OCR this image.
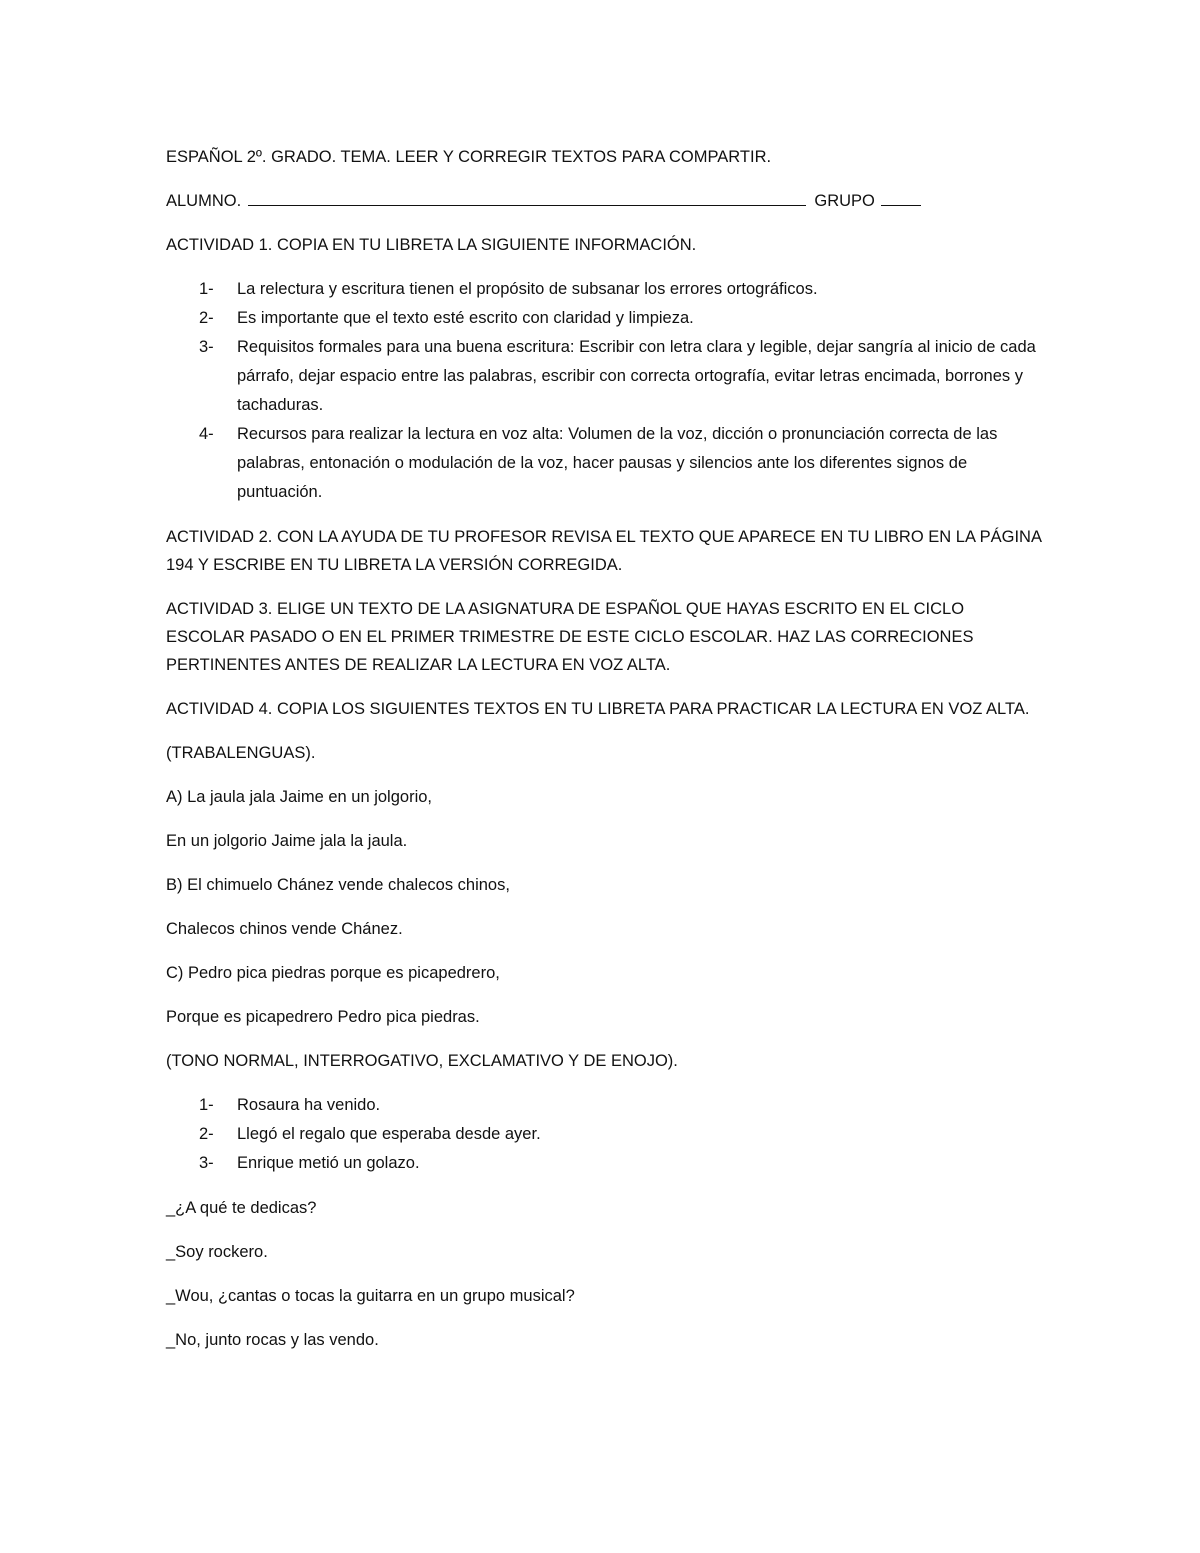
ESPAÑOL 2º. GRADO. TEMA. LEER Y CORREGIR TEXTOS PARA COMPARTIR.

ALUMNO.	GRUPO

ACTIVIDAD 1. COPIA EN TU LIBRETA LA SIGUIENTE INFORMACIÓN.

1- La relectura y escritura tienen el propósito de subsanar los errores ortográficos.
2- Es importante que el texto esté escrito con claridad y limpieza.
3- Requisitos formales para una buena escritura: Escribir con letra clara y legible, dejar sangría al inicio de cada párrafo, dejar espacio entre las palabras, escribir con correcta ortografía, evitar letras encimada, borrones y tachaduras.
4- Recursos para realizar la lectura en voz alta: Volumen de la voz, dicción o pronunciación correcta de las palabras, entonación o modulación de la voz, hacer pausas y silencios ante los diferentes signos de puntuación.

ACTIVIDAD 2. CON LA AYUDA DE TU PROFESOR REVISA EL TEXTO QUE APARECE EN TU LIBRO EN LA PÁGINA 194 Y ESCRIBE EN TU LIBRETA LA VERSIÓN CORREGIDA.

ACTIVIDAD 3. ELIGE UN TEXTO DE LA ASIGNATURA DE ESPAÑOL QUE HAYAS ESCRITO EN EL CICLO ESCOLAR PASADO O EN EL PRIMER TRIMESTRE DE ESTE CICLO ESCOLAR. HAZ LAS CORRECIONES PERTINENTES ANTES DE REALIZAR LA LECTURA EN VOZ ALTA.

ACTIVIDAD 4. COPIA LOS SIGUIENTES TEXTOS EN TU LIBRETA PARA PRACTICAR LA LECTURA EN VOZ ALTA.

(TRABALENGUAS).

A) La jaula jala Jaime en un jolgorio,

En un jolgorio Jaime jala la jaula.

B) El chimuelo Chánez vende chalecos chinos,

Chalecos chinos vende Chánez.

C) Pedro pica piedras porque es picapedrero,

Porque es picapedrero Pedro pica piedras.

(TONO NORMAL, INTERROGATIVO, EXCLAMATIVO Y DE ENOJO).

1- Rosaura ha venido.
2- Llegó el regalo que esperaba desde ayer.
3- Enrique metió un golazo.

_¿A qué te dedicas?

_Soy rockero.

_Wou, ¿cantas o tocas la guitarra en un grupo musical?

_No, junto rocas y las vendo.
